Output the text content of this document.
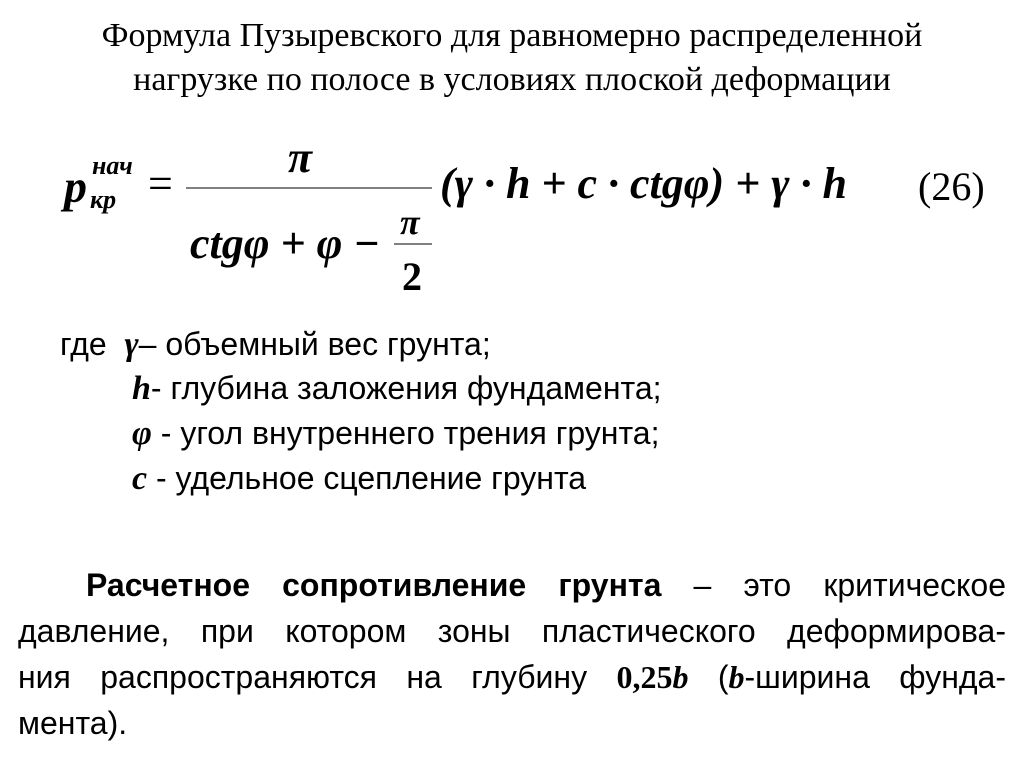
Формула Пузыревского для равномерно распределенной
нагрузке по полосе в условиях плоской деформации
p нач
кр =
π
ctgφ + φ − π
2
(γ · h + c · ctgφ) + γ · h (26)
где γ– объемный вес грунта;
h- глубина заложения фундамента;
φ - угол внутреннего трения грунта;
c - удельное сцепление грунта
Расчетное сопротивление грунта – это критическое
давление, при котором зоны пластического деформирова-
ния распространяются на глубину 0,25b (b-ширина фунда-
мента).
